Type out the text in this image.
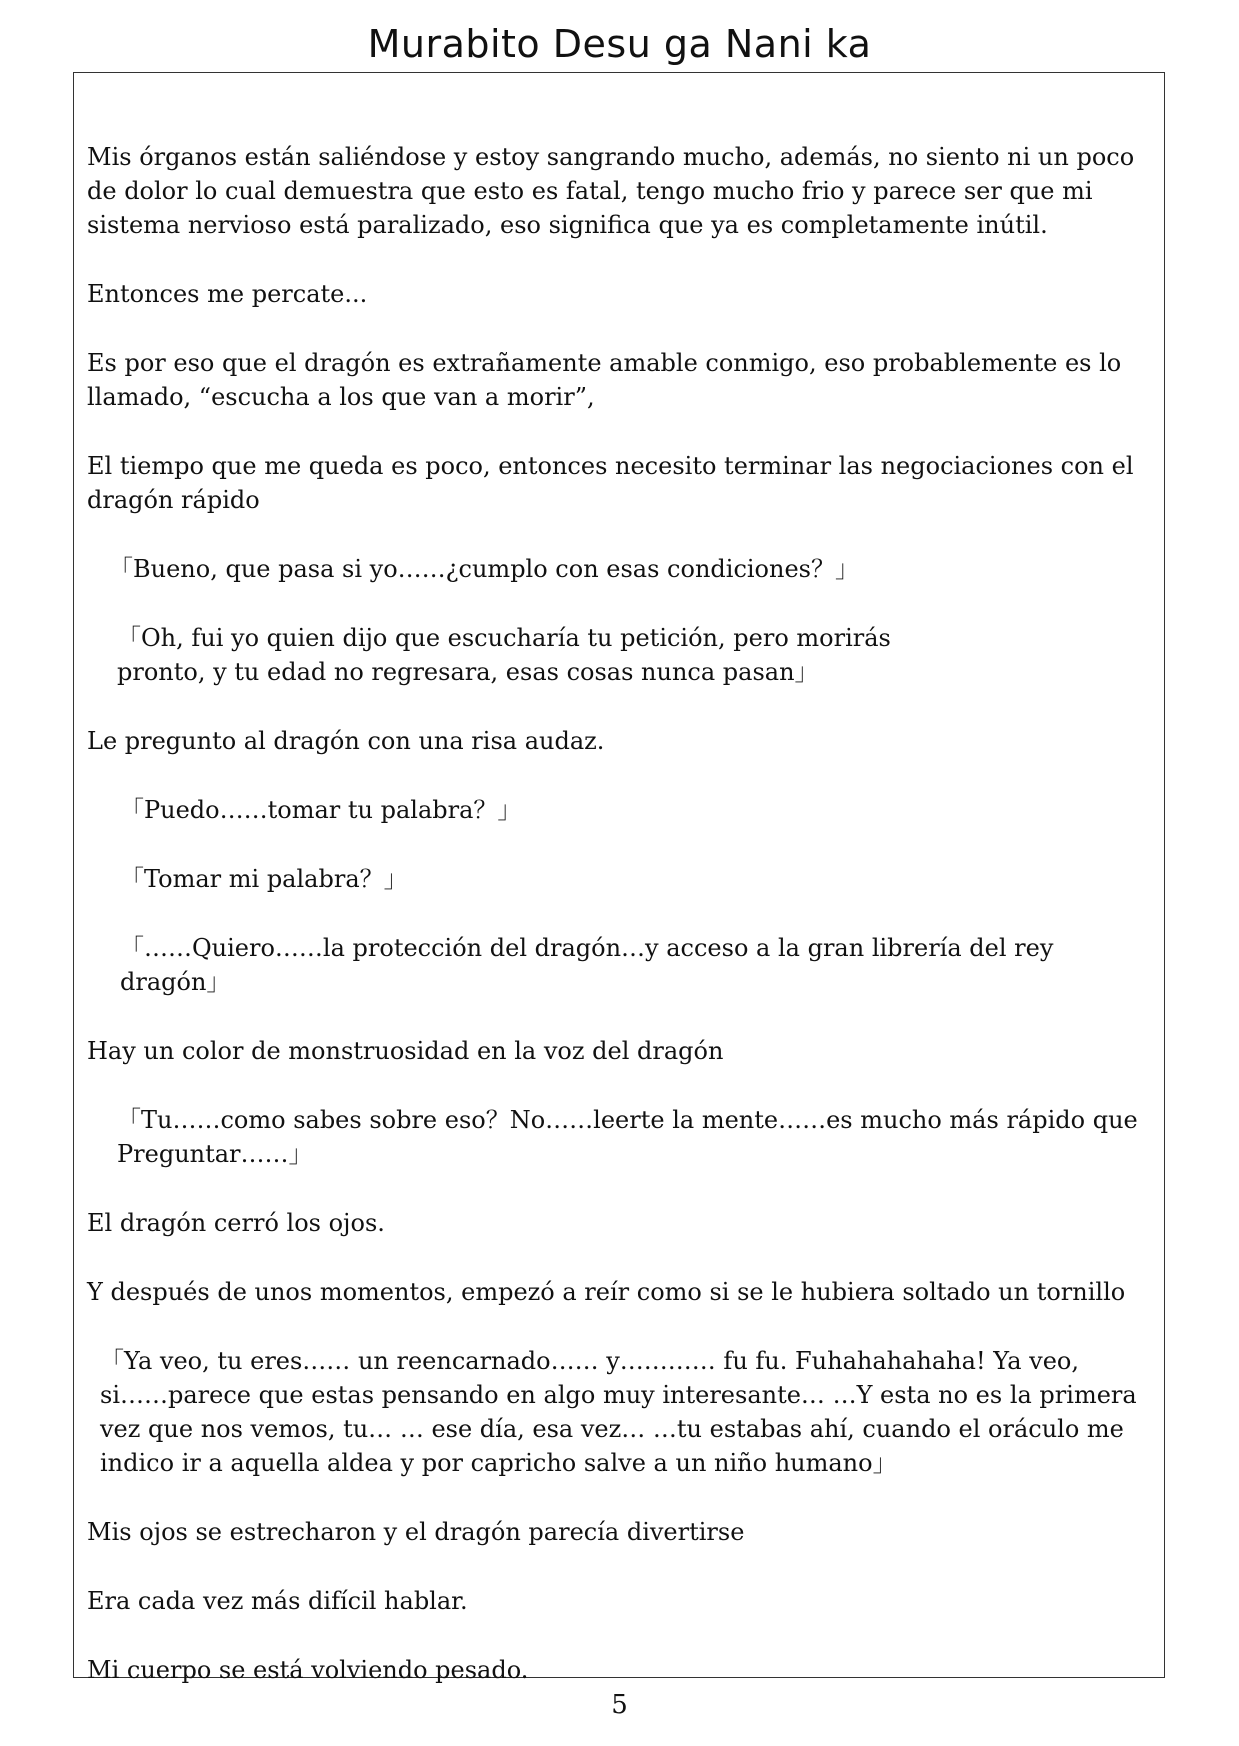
Murabito Desu ga Nani ka

Mis órganos están saliéndose y estoy sangrando mucho, además, no siento ni un poco
de dolor lo cual demuestra que esto es fatal, tengo mucho frio y parece ser que mi
sistema nervioso está paralizado, eso significa que ya es completamente inútil.

Entonces me percate...

Es por eso que el dragón es extrañamente amable conmigo, eso probablemente es lo
llamado, “escucha a los que van a morir”,

El tiempo que me queda es poco, entonces necesito terminar las negociaciones con el
dragón rápido

「Bueno, que pasa si yo……¿cumplo con esas condiciones？」

「Oh, fui yo quien dijo que escucharía tu petición, pero morirás
pronto, y tu edad no regresara, esas cosas nunca pasan」

Le pregunto al dragón con una risa audaz.

「Puedo……tomar tu palabra？」

「Tomar mi palabra？」

「……Quiero……la protección del dragón…y acceso a la gran librería del rey dragón」

Hay un color de monstruosidad en la voz del dragón

「Tu……como sabes sobre eso？No……leerte la mente……es mucho más rápido que
Preguntar……」

El dragón cerró los ojos.

Y después de unos momentos, empezó a reír como si se le hubiera soltado un tornillo

「Ya veo, tu eres…… un reencarnado…… y………… fu fu. Fuhahahahaha! Ya veo,
si……parece que estas pensando en algo muy interesante… …Y esta no es la primera
vez que nos vemos, tu… … ese día, esa vez… …tu estabas ahí, cuando el oráculo me
indico ir a aquella aldea y por capricho salve a un niño humano」

Mis ojos se estrecharon y el dragón parecía divertirse

Era cada vez más difícil hablar.

Mi cuerpo se está volviendo pesado.

5
